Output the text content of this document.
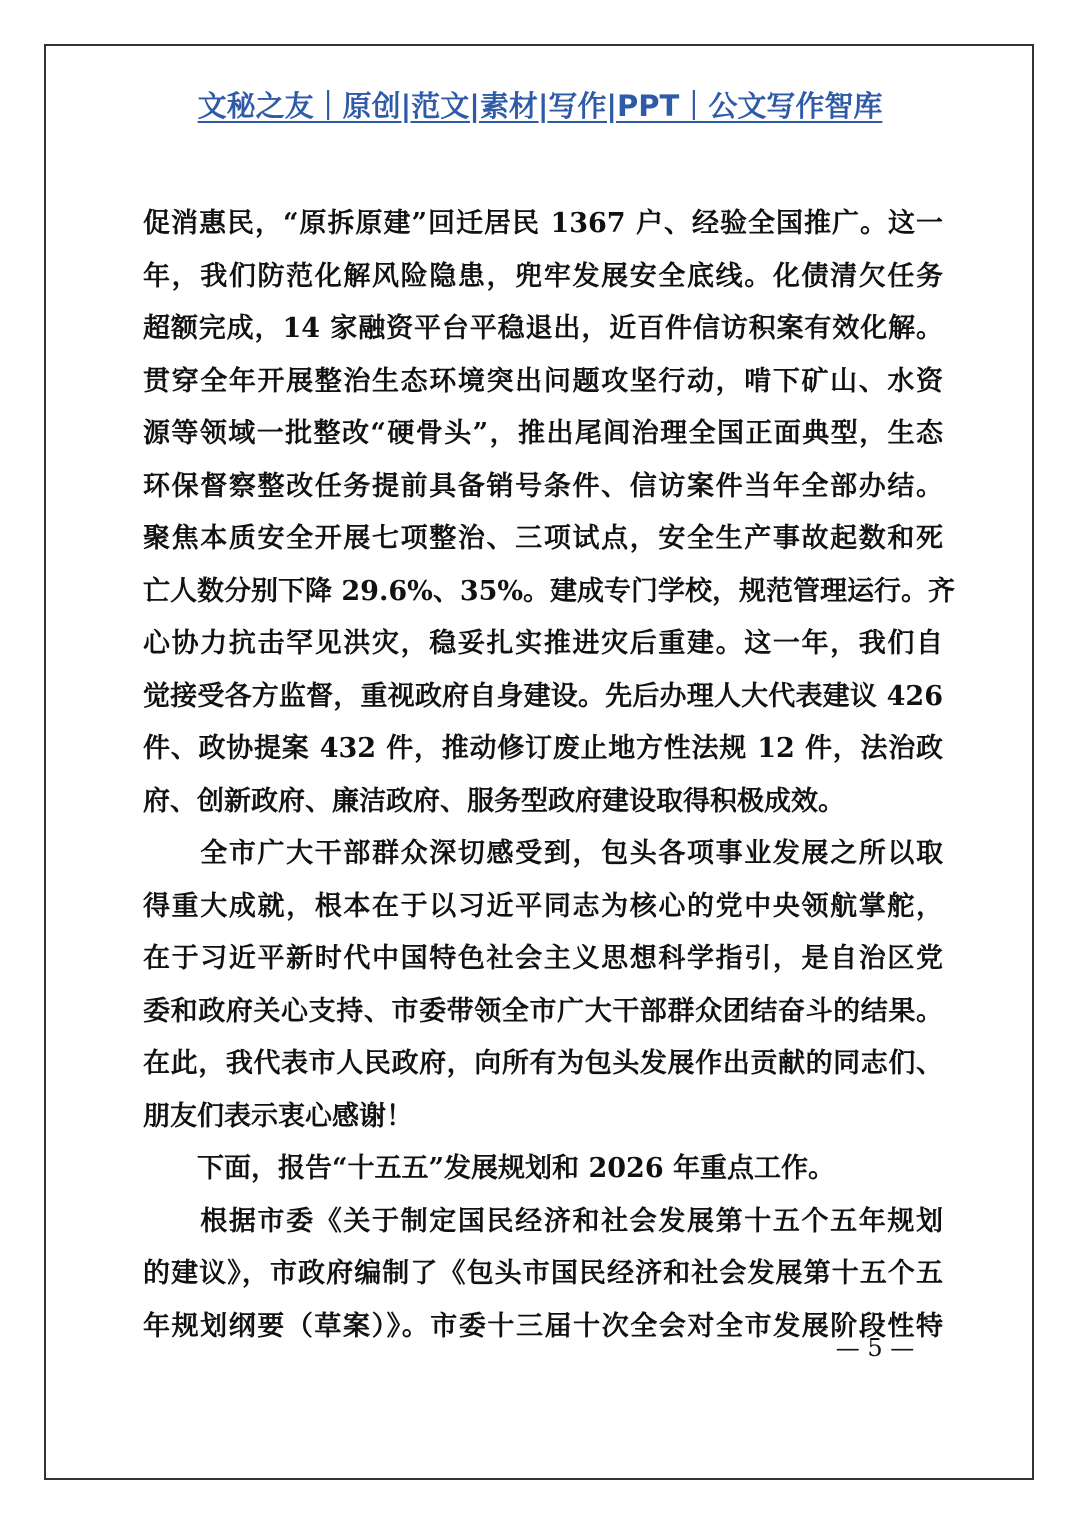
文秘之友｜原创|范文|素材|写作|PPT｜公文写作智库
促消惠民，“原拆原建”回迁居民 1367 户、经验全国推广。这一
年，我们防范化解风险隐患，兜牢发展安全底线。化债清欠任务
超额完成，14 家融资平台平稳退出，近百件信访积案有效化解。
贯穿全年开展整治生态环境突出问题攻坚行动，啃下矿山、水资
源等领域一批整改“硬骨头”，推出尾闾治理全国正面典型，生态
环保督察整改任务提前具备销号条件、信访案件当年全部办结。
聚焦本质安全开展七项整治、三项试点，安全生产事故起数和死
亡人数分别下降 29.6%、35%。建成专门学校，规范管理运行。齐
心协力抗击罕见洪灾，稳妥扎实推进灾后重建。这一年，我们自
觉接受各方监督，重视政府自身建设。先后办理人大代表建议 426
件、政协提案 432 件，推动修订废止地方性法规 12 件，法治政
府、创新政府、廉洁政府、服务型政府建设取得积极成效。
　　全市广大干部群众深切感受到，包头各项事业发展之所以取
得重大成就，根本在于以习近平同志为核心的党中央领航掌舵，
在于习近平新时代中国特色社会主义思想科学指引，是自治区党
委和政府关心支持、市委带领全市广大干部群众团结奋斗的结果。
在此，我代表市人民政府，向所有为包头发展作出贡献的同志们、
朋友们表示衷心感谢！
　　下面，报告“十五五”发展规划和 2026 年重点工作。
　　根据市委《关于制定国民经济和社会发展第十五个五年规划
的建议》，市政府编制了《包头市国民经济和社会发展第十五个五
年规划纲要（草案）》。市委十三届十次全会对全市发展阶段性特
— 5 —
